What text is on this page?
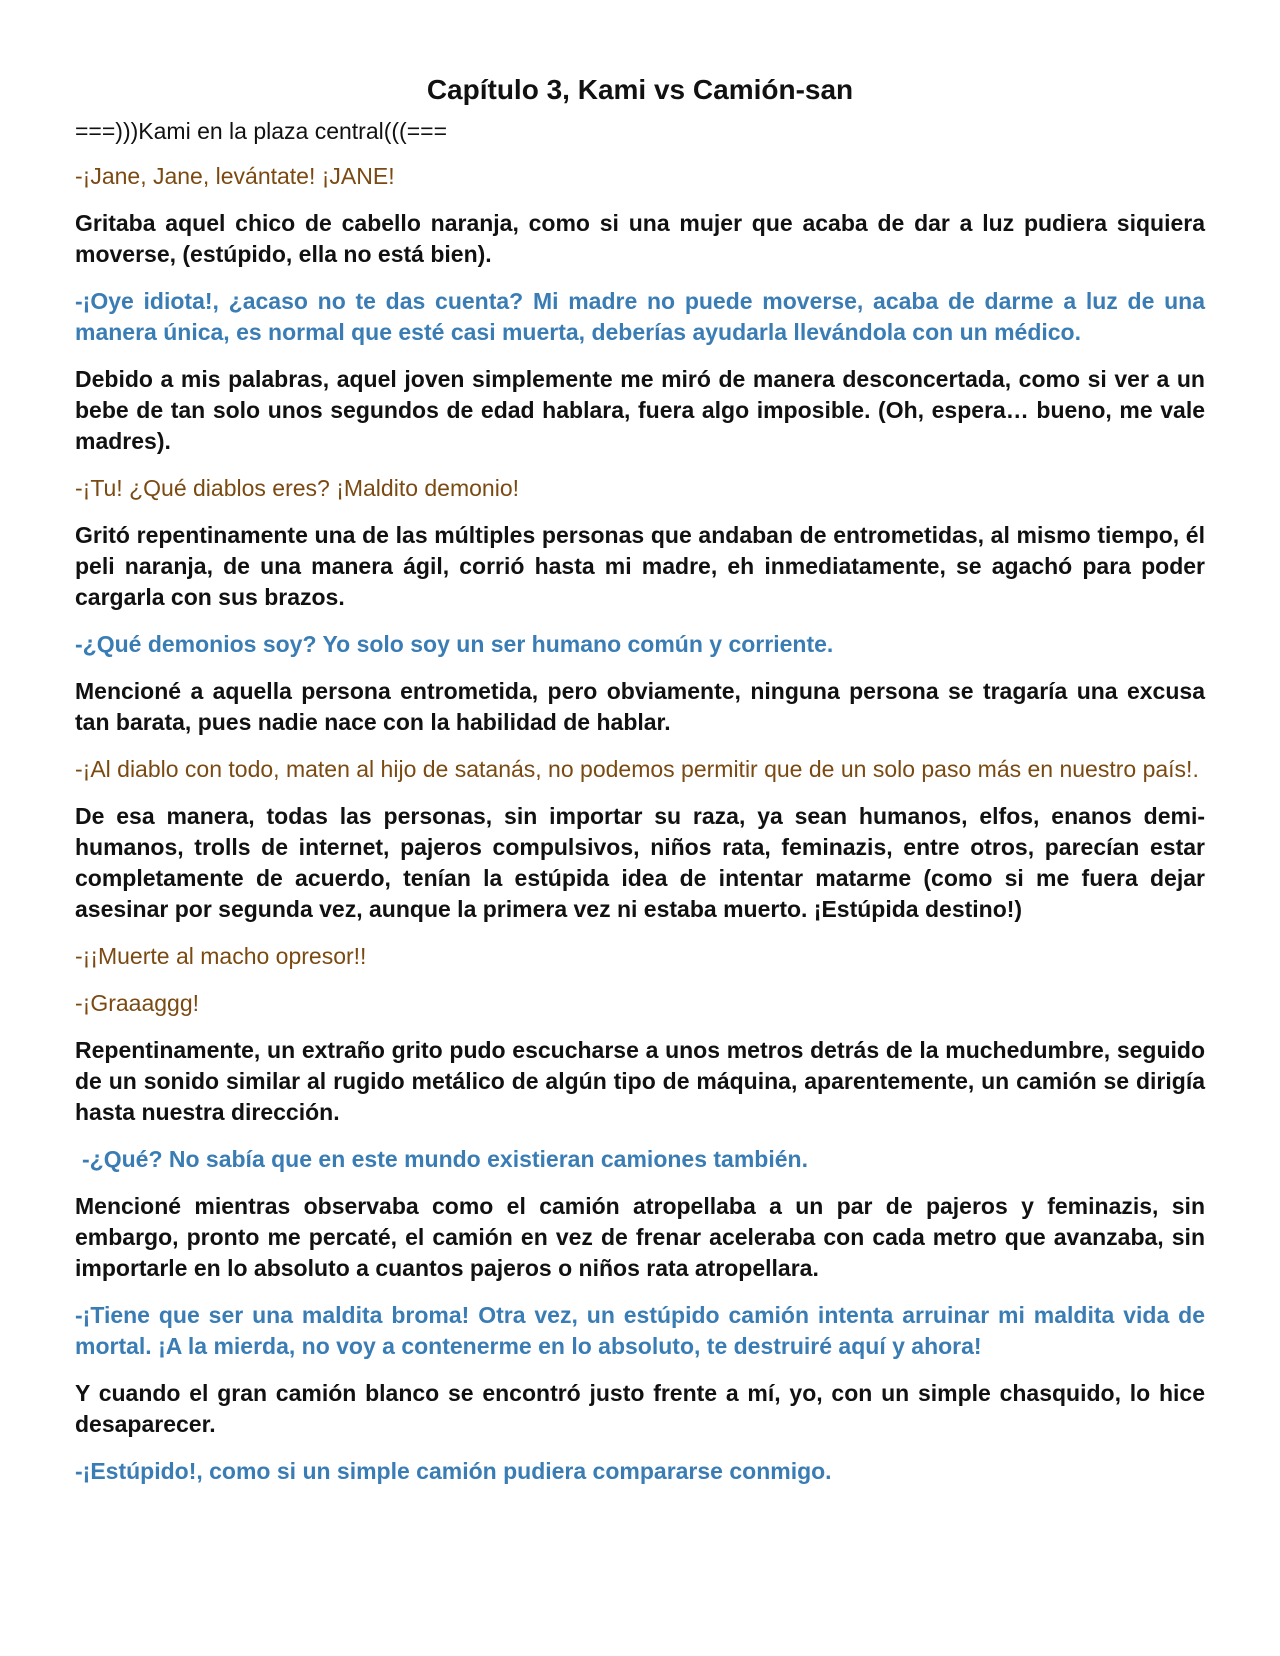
Capítulo 3, Kami vs Camión-san

===)))Kami en la plaza central(((===

-¡Jane, Jane, levántate! ¡JANE!

Gritaba aquel chico de cabello naranja, como si una mujer que acaba de dar a luz pudiera siquiera moverse, (estúpido, ella no está bien).

-¡Oye idiota!, ¿acaso no te das cuenta? Mi madre no puede moverse, acaba de darme a luz de una manera única, es normal que esté casi muerta, deberías ayudarla llevándola con un médico.

Debido a mis palabras, aquel joven simplemente me miró de manera desconcertada, como si ver a un bebe de tan solo unos segundos de edad hablara, fuera algo imposible. (Oh, espera… bueno, me vale madres).

-¡Tu! ¿Qué diablos eres? ¡Maldito demonio!

Gritó repentinamente una de las múltiples personas que andaban de entrometidas, al mismo tiempo, él peli naranja, de una manera ágil, corrió hasta mi madre, eh inmediatamente, se agachó para poder cargarla con sus brazos.

-¿Qué demonios soy? Yo solo soy un ser humano común y corriente.

Mencioné a aquella persona entrometida, pero obviamente, ninguna persona se tragaría una excusa tan barata, pues nadie nace con la habilidad de hablar.

-¡Al diablo con todo, maten al hijo de satanás, no podemos permitir que de un solo paso más en nuestro país!.

De esa manera, todas las personas, sin importar su raza, ya sean humanos, elfos, enanos demi-humanos, trolls de internet, pajeros compulsivos, niños rata, feminazis, entre otros, parecían estar completamente de acuerdo, tenían la estúpida idea de intentar matarme (como si me fuera dejar asesinar por segunda vez, aunque la primera vez ni estaba muerto. ¡Estúpida destino!)

-¡¡Muerte al macho opresor!!

-¡Graaaggg!

Repentinamente, un extraño grito pudo escucharse a unos metros detrás de la muchedumbre, seguido de un sonido similar al rugido metálico de algún tipo de máquina, aparentemente, un camión se dirigía hasta nuestra dirección.

-¿Qué? No sabía que en este mundo existieran camiones también.

Mencioné mientras observaba como el camión atropellaba a un par de pajeros y feminazis, sin embargo, pronto me percaté, el camión en vez de frenar aceleraba con cada metro que avanzaba, sin importarle en lo absoluto a cuantos pajeros o niños rata atropellara.

-¡Tiene que ser una maldita broma! Otra vez, un estúpido camión intenta arruinar mi maldita vida de mortal. ¡A la mierda, no voy a contenerme en lo absoluto, te destruiré aquí y ahora!

Y cuando el gran camión blanco se encontró justo frente a mí, yo, con un simple chasquido, lo hice desaparecer.

-¡Estúpido!, como si un simple camión pudiera compararse conmigo.
